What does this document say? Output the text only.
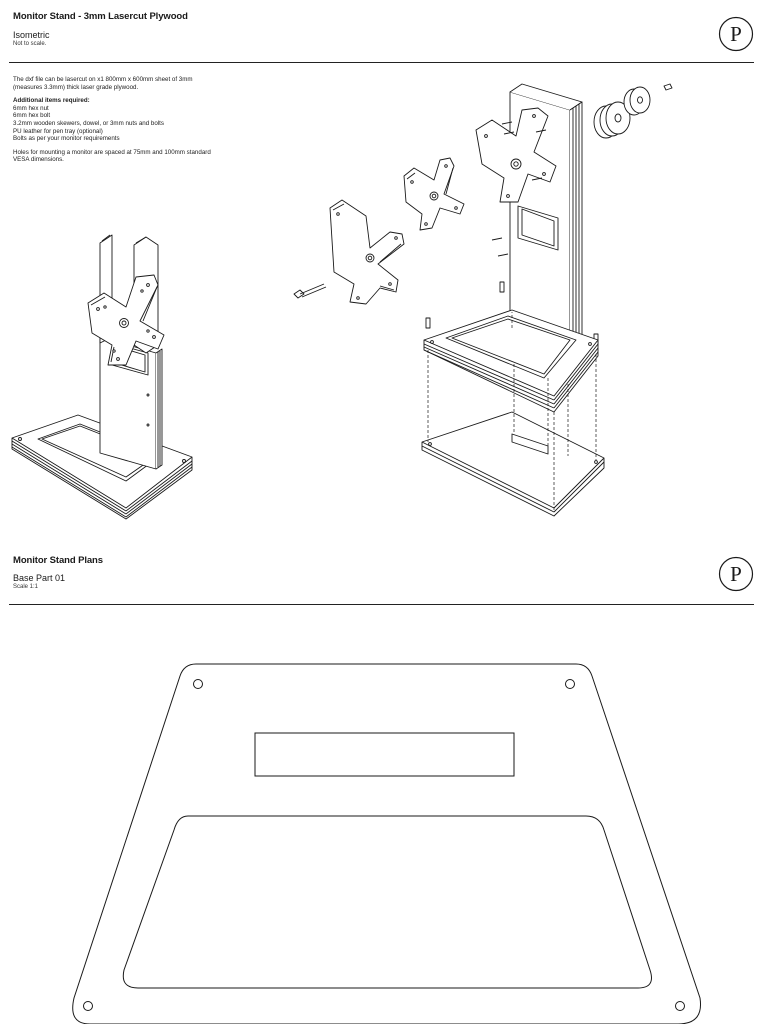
Monitor Stand - 3mm Lasercut Plywood
Isometric
Not to scale.	P

The dxf file can be lasercut on x1 800mm x 600mm sheet of 3mm (measures 3.3mm) thick laser grade plywood.

Additional items required:

6mm hex nut
6mm hex bolt
3.2mm wooden skewers, dowel, or 3mm nuts and bolts
PU leather for pen tray (optional)
Bolts as per your monitor requirements

Holes for mounting a monitor are spaced at 75mm and 100mm standard VESA dimensions.

Monitor Stand Plans
Base Part 01
Scale 1:1
P
